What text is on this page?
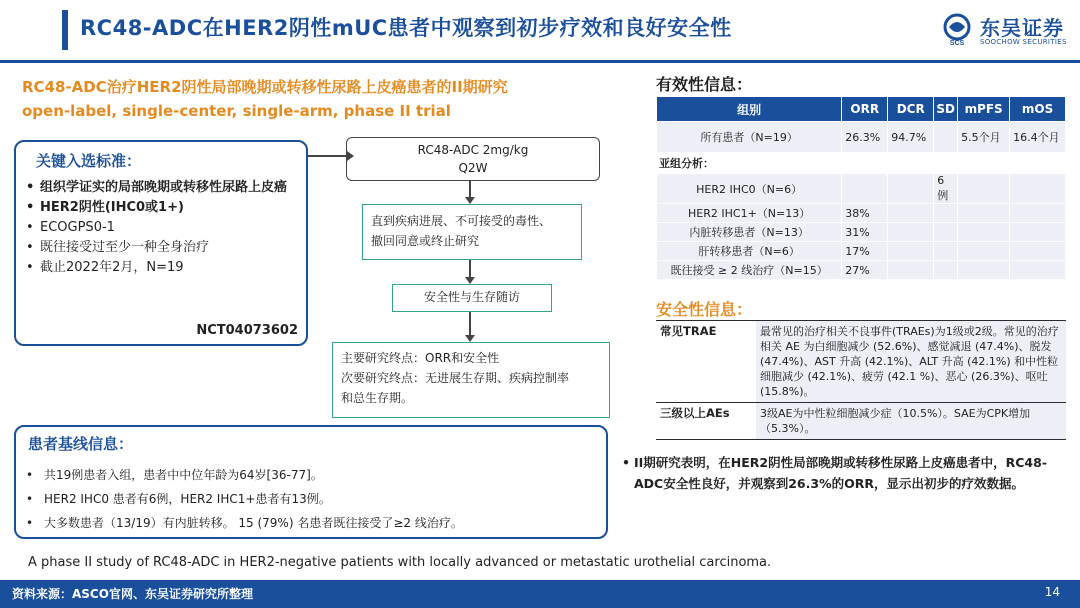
RC48-ADC在HER2阴性mUC患者中观察到初步疗效和良好安全性
SCS
东吴证券
SOOCHOW SECURITIES
RC48-ADC治疗HER2阴性局部晚期或转移性尿路上皮癌患者的II期研究
open-label, single-center, single-arm, phase II trial
关键入选标准：
• 组织学证实的局部晚期或转移性尿路上皮癌
• HER2阴性(IHC0或1+)
• ECOGPS0-1
• 既往接受过至少一种全身治疗
• 截止2022年2月，N=19
NCT04073602
RC48-ADC 2mg/kg
Q2W
直到疾病进展、不可接受的毒性、
撤回同意或终止研究
安全性与生存随访
主要研究终点：ORR和安全性
次要研究终点：无进展生存期、疾病控制率
和总生存期。
患者基线信息：
• 共19例患者入组，患者中中位年龄为64岁[36-77]。
• HER2 IHC0 患者有6例，HER2 IHC1+患者有13例。
• 大多数患者（13/19）有内脏转移。 15 (79%) 名患者既往接受了≥2 线治疗。
有效性信息：
组别	ORR	DCR	SD	mPFS	mOS
所有患者（N=19）	26.3%	94.7%		5.5个月	16.4个月
亚组分析：					
HER2 IHC0（N=6）			6例		
HER2 IHC1+（N=13）	38%				
内脏转移患者（N=13）	31%				
肝转移患者（N=6）	17%				
既往接受 ≥ 2 线治疗（N=15）	27%				
安全性信息：
常见TRAE	最常见的治疗相关不良事件(TRAEs)为1级或2级。常见的治疗相关 AE 为白细胞减少 (52.6%)、感觉减退 (47.4%)、脱发 (47.4%)、AST 升高 (42.1%)、ALT 升高 (42.1%) 和中性粒细胞减少 (42.1%)、疲劳 (42.1 %)、恶心 (26.3%)、呕吐 (15.8%)。
三级以上AEs	3级AE为中性粒细胞减少症（10.5%）。SAE为CPK增加（5.3%）。
• II期研究表明，在HER2阴性局部晚期或转移性尿路上皮癌患者中，RC48-ADC安全性良好，并观察到26.3%的ORR，显示出初步的疗效数据。
A phase II study of RC48-ADC in HER2-negative patients with locally advanced or metastatic urothelial carcinoma.
资料来源：ASCO官网、东吴证券研究所整理	14
